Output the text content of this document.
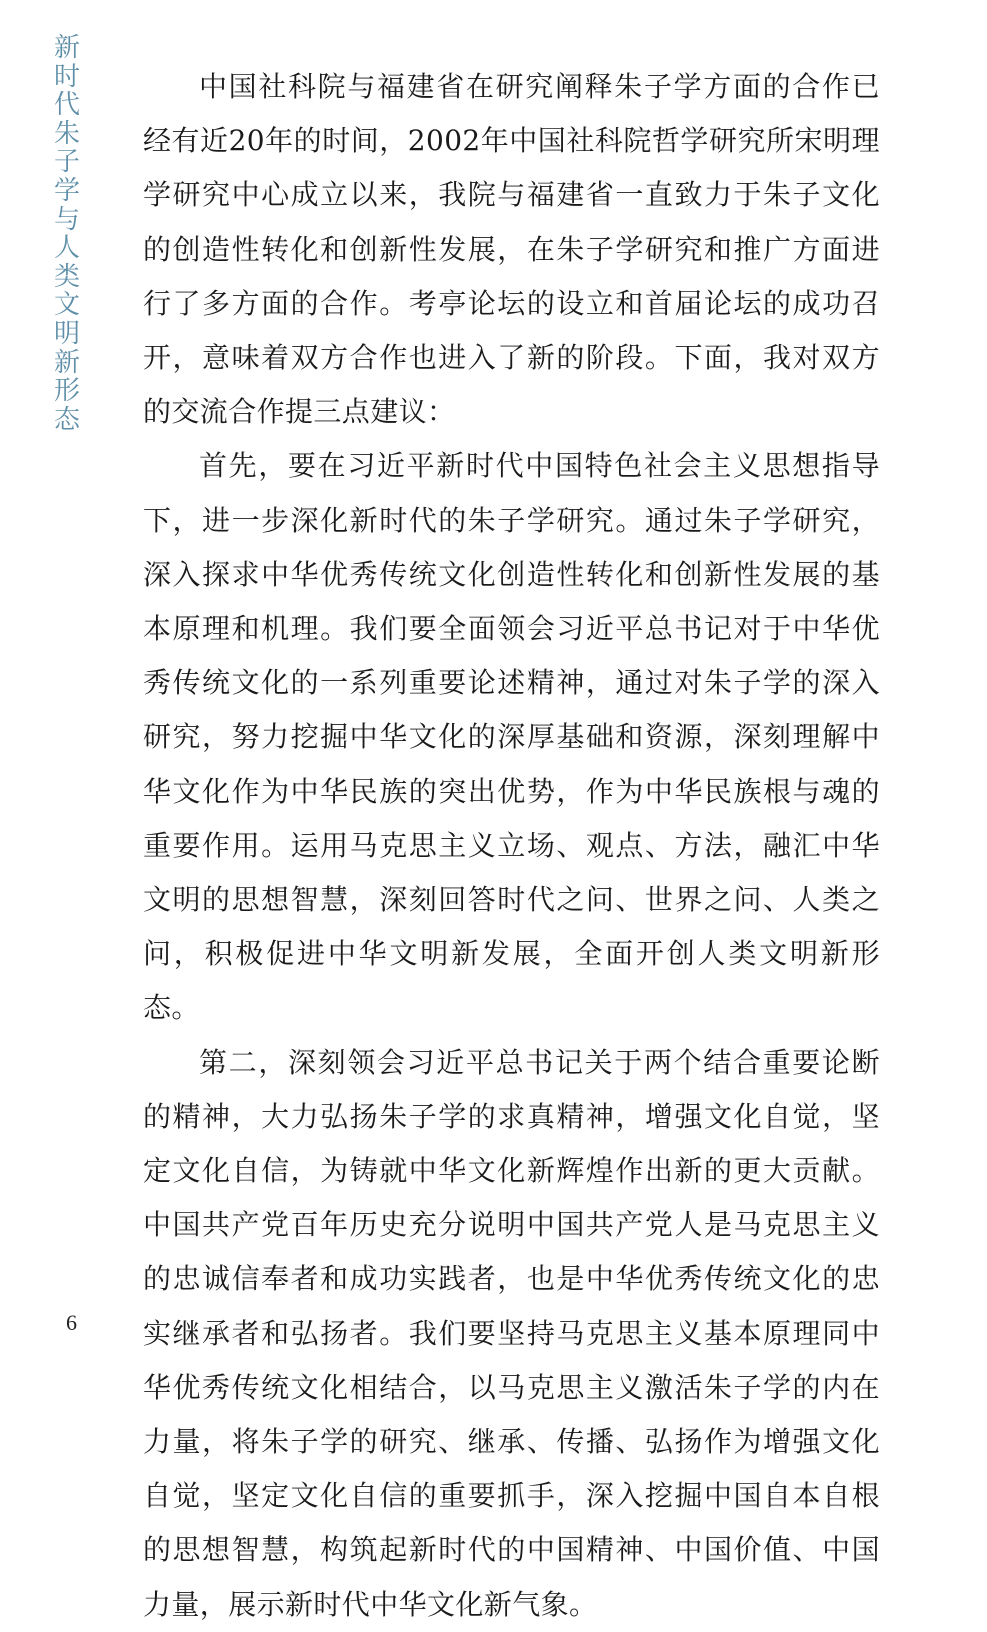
新时代朱子学与人类文明新形态

中国社科院与福建省在研究阐释朱子学方面的合作已经有近20年的时间，2002年中国社科院哲学研究所宋明理学研究中心成立以来，我院与福建省一直致力于朱子文化的创造性转化和创新性发展，在朱子学研究和推广方面进行了多方面的合作。考亭论坛的设立和首届论坛的成功召开，意味着双方合作也进入了新的阶段。下面，我对双方的交流合作提三点建议：

首先，要在习近平新时代中国特色社会主义思想指导下，进一步深化新时代的朱子学研究。通过朱子学研究，深入探求中华优秀传统文化创造性转化和创新性发展的基本原理和机理。我们要全面领会习近平总书记对于中华优秀传统文化的一系列重要论述精神，通过对朱子学的深入研究，努力挖掘中华文化的深厚基础和资源，深刻理解中华文化作为中华民族的突出优势，作为中华民族根与魂的重要作用。运用马克思主义立场、观点、方法，融汇中华文明的思想智慧，深刻回答时代之问、世界之问、人类之问，积极促进中华文明新发展，全面开创人类文明新形态。

第二，深刻领会习近平总书记关于两个结合重要论断的精神，大力弘扬朱子学的求真精神，增强文化自觉，坚定文化自信，为铸就中华文化新辉煌作出新的更大贡献。中国共产党百年历史充分说明中国共产党人是马克思主义的忠诚信奉者和成功实践者，也是中华优秀传统文化的忠实继承者和弘扬者。我们要坚持马克思主义基本原理同中华优秀传统文化相结合，以马克思主义激活朱子学的内在力量，将朱子学的研究、继承、传播、弘扬作为增强文化自觉，坚定文化自信的重要抓手，深入挖掘中国自本自根的思想智慧，构筑起新时代的中国精神、中国价值、中国力量，展示新时代中华文化新气象。

6
